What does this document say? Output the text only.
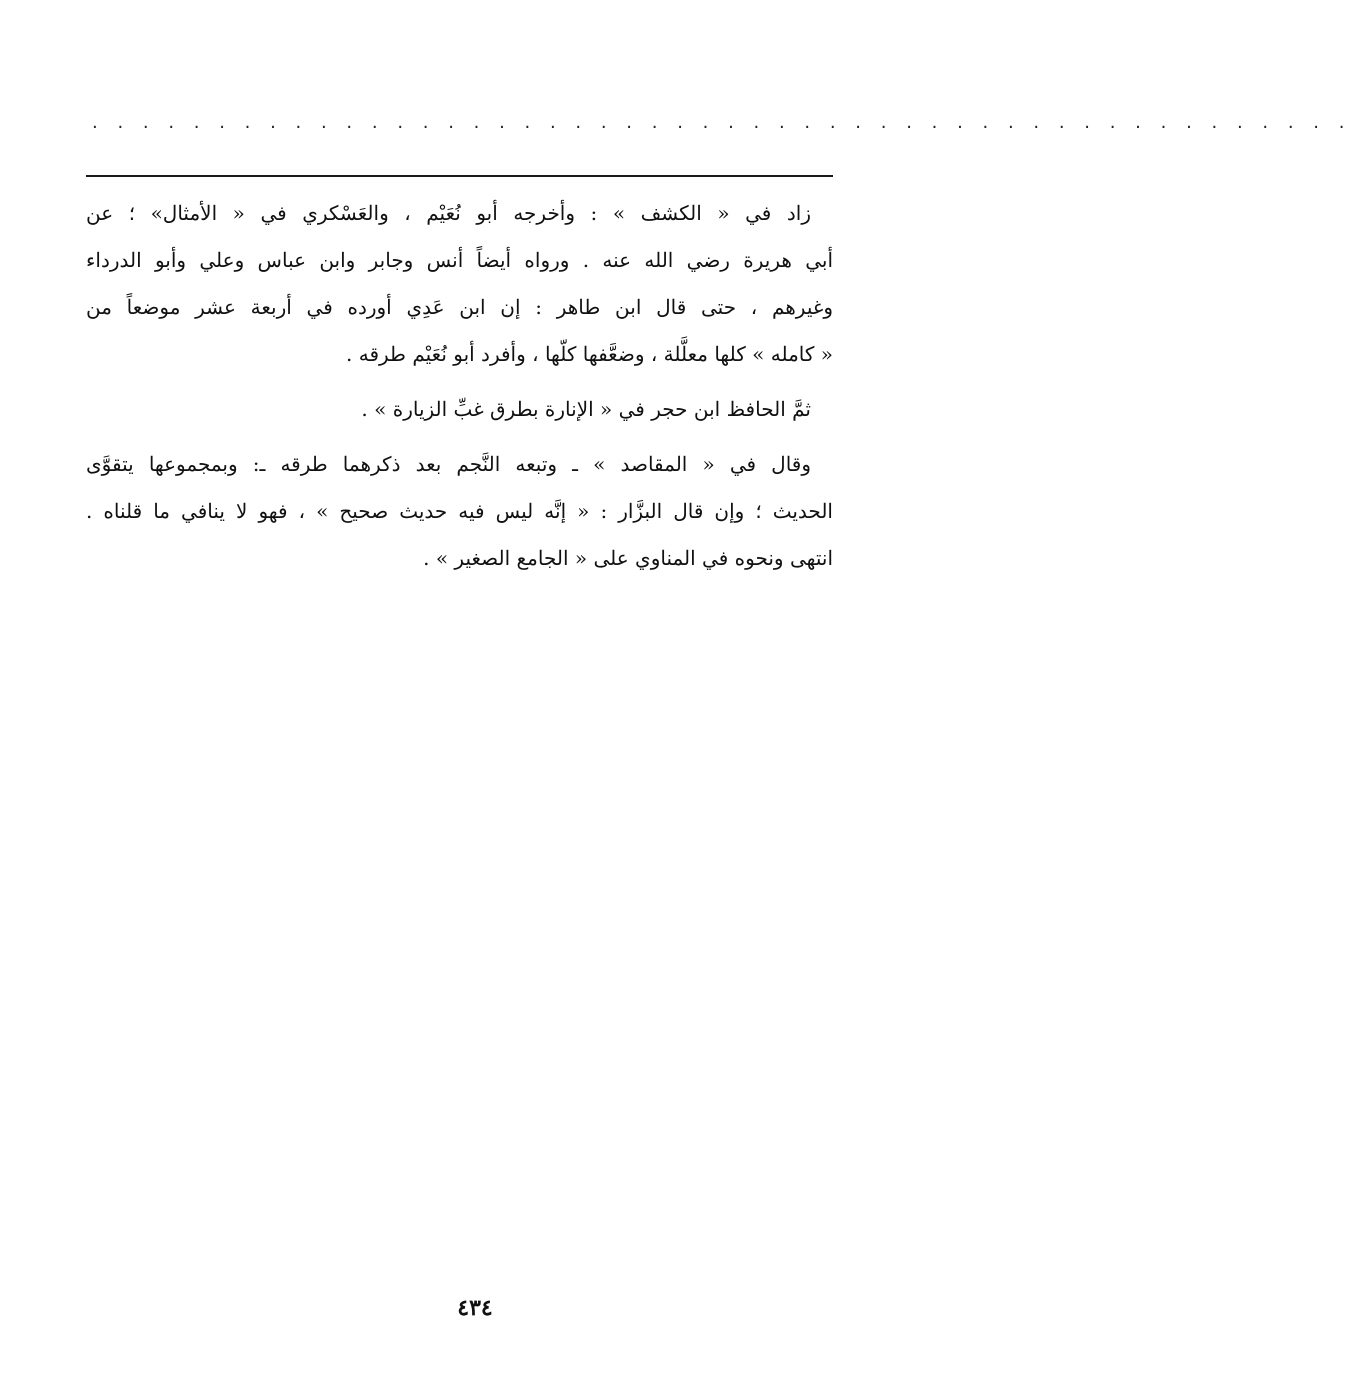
. . . . . . . . . . . . . . . . . . . . . . . . . . . . . . . . . . . . . . . . . . . . . . . . . .
زاد في « الكشف » : وأخرجه أبو نُعَيْم ، والعَسْكري في « الأمثال» ؛ عن
أبي هريرة رضي الله عنه . ورواه أيضاً أنس وجابر وابن عباس وعلي وأبو الدرداء
وغيرهم ، حتى قال ابن طاهر : إن ابن عَدِي أورده في أربعة عشر موضعاً من
« كامله » كلها معلَّلة ، وضعَّفها كلّها ، وأفرد أبو نُعَيْم طرقه .
ثمَّ الحافظ ابن حجر في « الإنارة بطرق غبِّ الزيارة » .
وقال في « المقاصد » ـ وتبعه النَّجم بعد ذكرهما طرقه ـ: وبمجموعها يتقوَّى
الحديث ؛ وإن قال البزَّار : « إنَّه ليس فيه حديث صحيح » ، فهو لا ينافي ما قلناه .
انتهى ونحوه في المناوي على « الجامع الصغير » .
٤٣٤
